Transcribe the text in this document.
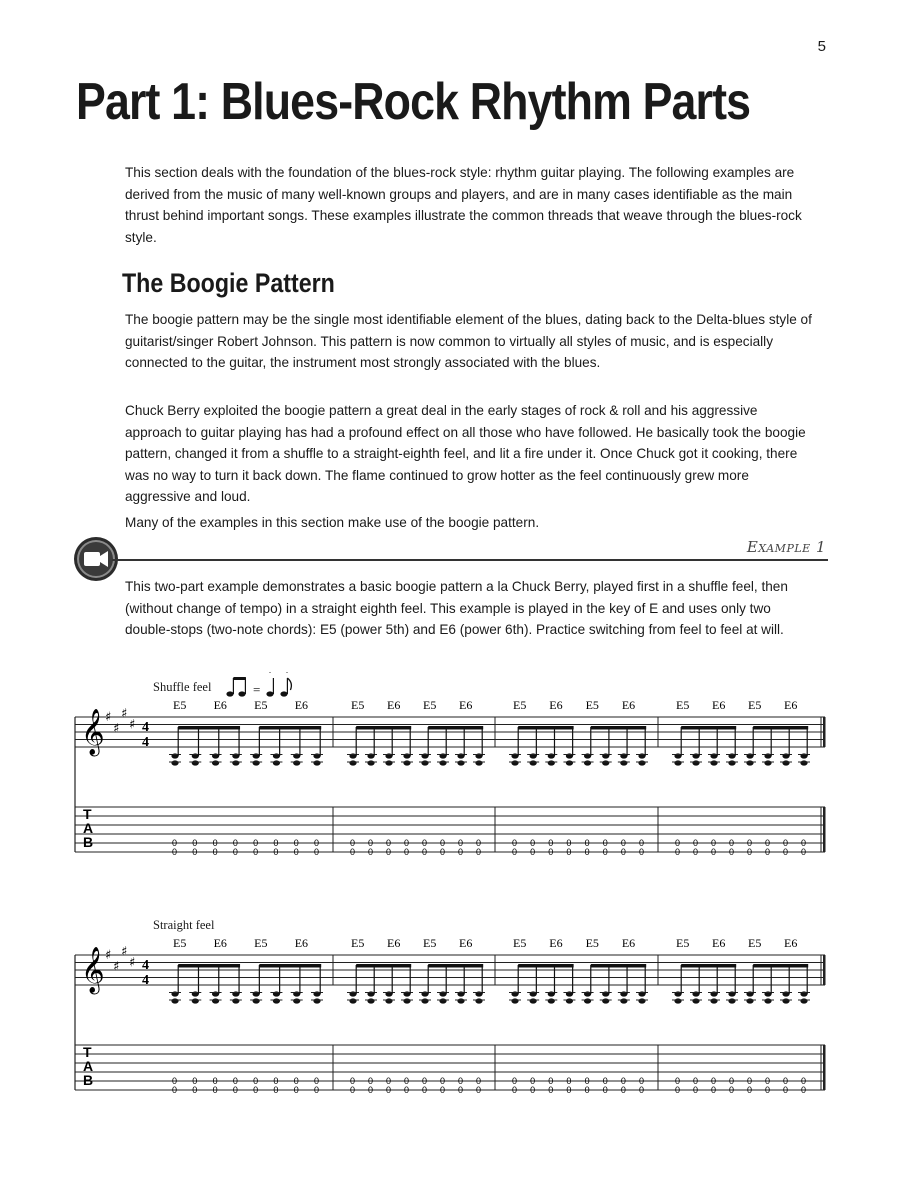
5
Part 1: Blues-Rock Rhythm Parts

This section deals with the foundation of the blues-rock style: rhythm guitar playing. The following examples are derived from the music of many well-known groups and players, and are in many cases identifiable as the main thrust behind important songs. These examples illustrate the common threads that weave through the blues-rock style.

The Boogie Pattern

The boogie pattern may be the single most identifiable element of the blues, dating back to the Delta-blues style of guitarist/singer Robert Johnson. This pattern is now common to virtually all styles of music, and is especially connected to the guitar, the instrument most strongly associated with the blues.

Chuck Berry exploited the boogie pattern a great deal in the early stages of rock & roll and his aggressive approach to guitar playing has had a profound effect on all those who have followed. He basically took the boogie pattern, changed it from a shuffle to a straight-eighth feel, and lit a fire under it. Once Chuck got it cooking, there was no way to turn it back down. The flame continued to grow hotter as the feel continuously grew more aggressive and loud.

Many of the examples in this section make use of the boogie pattern.

Example 1

This two-part example demonstrates a basic boogie pattern a la Chuck Berry, played first in a shuffle feel, then (without change of tempo) in a straight eighth feel. This example is played in the key of E and uses only two double-stops (two-note chords): E5 (power 5th) and E6 (power 6th). Practice switching from feel to feel at will.

Shuffle feel
𝄞 ♯
♯
♯
♯ 4
4
T
A
B
E5 E6 E5 E6
0
0
0
0
0
0
0
0
0
0
0
0
0
0
0
0
E5 E6 E5 E6
0
0
0
0
0
0
0
0
0
0
0
0
0
0
0
0
E5 E6 E5 E6
0
0
0
0
0
0
0
0
0
0
0
0
0
0
0
0
E5 E6 E5 E6
0
0
0
0
0
0
0
0
0
0
0
0
0
0
0
0
=
Straight feel
𝄞 ♯
♯
♯
♯ 4
4
T
A
B
E5 E6 E5 E6
0
0
0
0
0
0
0
0
0
0
0
0
0
0
0
0
E5 E6 E5 E6
0
0
0
0
0
0
0
0
0
0
0
0
0
0
0
0
E5 E6 E5 E6
0
0
0
0
0
0
0
0
0
0
0
0
0
0
0
0
E5 E6 E5 E6
0
0
0
0
0
0
0
0
0
0
0
0
0
0
0
0
